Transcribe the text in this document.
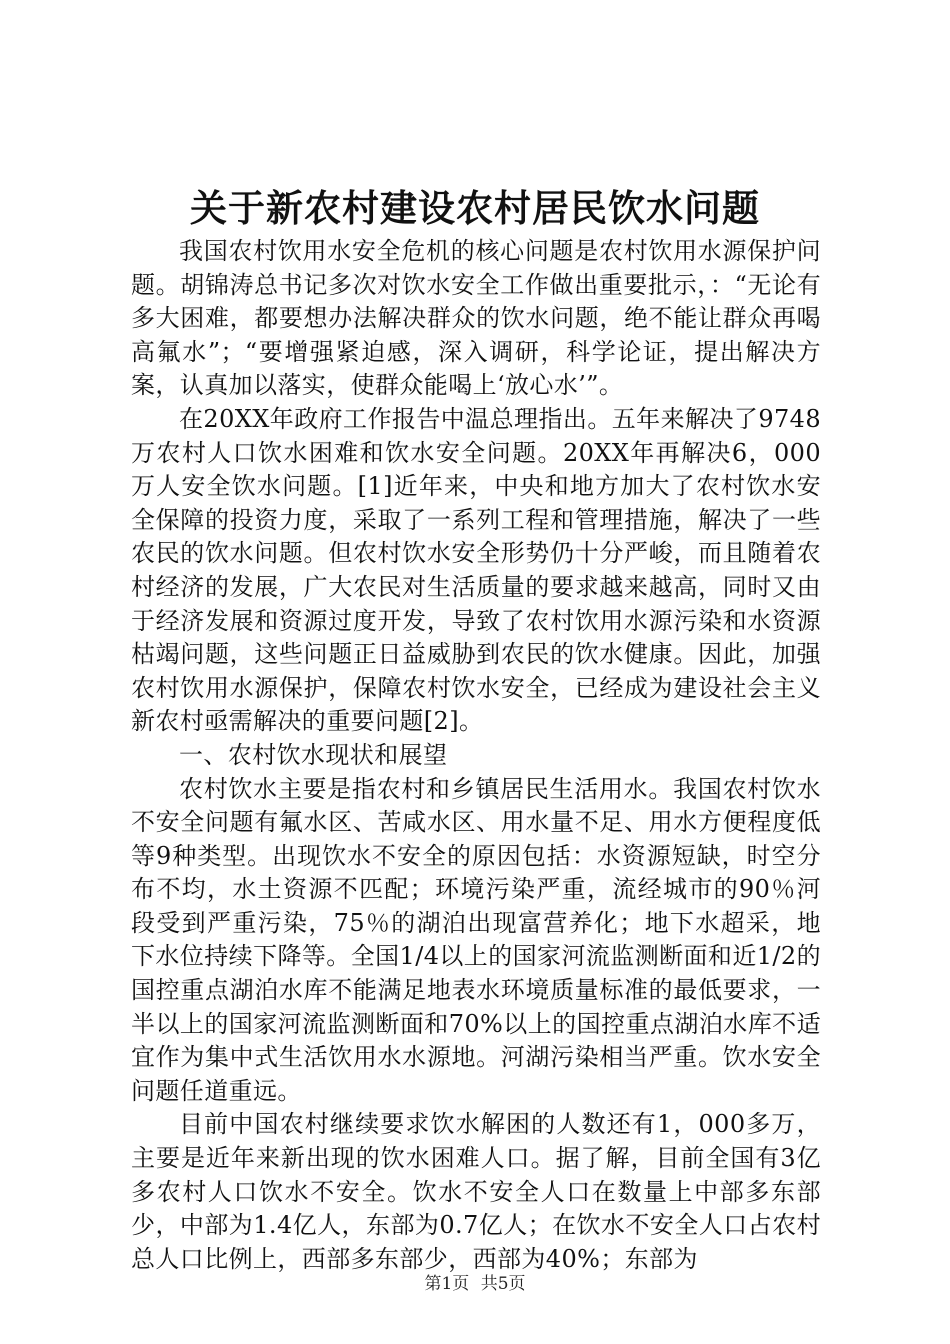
关于新农村建设农村居民饮水问题

我国农村饮用水安全危机的核心问题是农村饮用水源保护问题。胡锦涛总书记多次对饮水安全工作做出重要批示，：“无论有多大困难，都要想办法解决群众的饮水问题，绝不能让群众再喝高氟水”；“要增强紧迫感，深入调研，科学论证，提出解决方案，认真加以落实，使群众能喝上‘放心水’”。

在20XX年政府工作报告中温总理指出。五年来解决了9748万农村人口饮水困难和饮水安全问题。20XX年再解决6，000万人安全饮水问题。[1]近年来，中央和地方加大了农村饮水安全保障的投资力度，采取了一系列工程和管理措施，解决了一些农民的饮水问题。但农村饮水安全形势仍十分严峻，而且随着农村经济的发展，广大农民对生活质量的要求越来越高，同时又由于经济发展和资源过度开发，导致了农村饮用水源污染和水资源枯竭问题，这些问题正日益威胁到农民的饮水健康。因此，加强农村饮用水源保护，保障农村饮水安全，已经成为建设社会主义新农村亟需解决的重要问题[2]。

一、农村饮水现状和展望

农村饮水主要是指农村和乡镇居民生活用水。我国农村饮水不安全问题有氟水区、苦咸水区、用水量不足、用水方便程度低等9种类型。出现饮水不安全的原因包括：水资源短缺，时空分布不均，水土资源不匹配；环境污染严重，流经城市的90％河段受到严重污染，75％的湖泊出现富营养化；地下水超采，地下水位持续下降等。全国1/4以上的国家河流监测断面和近1/2的国控重点湖泊水库不能满足地表水环境质量标准的最低要求，一半以上的国家河流监测断面和70%以上的国控重点湖泊水库不适宜作为集中式生活饮用水水源地。河湖污染相当严重。饮水安全问题任道重远。

目前中国农村继续要求饮水解困的人数还有1，000多万，主要是近年来新出现的饮水困难人口。据了解，目前全国有3亿多农村人口饮水不安全。饮水不安全人口在数量上中部多东部少，中部为1.4亿人，东部为0.7亿人；在饮水不安全人口占农村总人口比例上，西部多东部少，西部为40%；东部为

第1页 共5页
